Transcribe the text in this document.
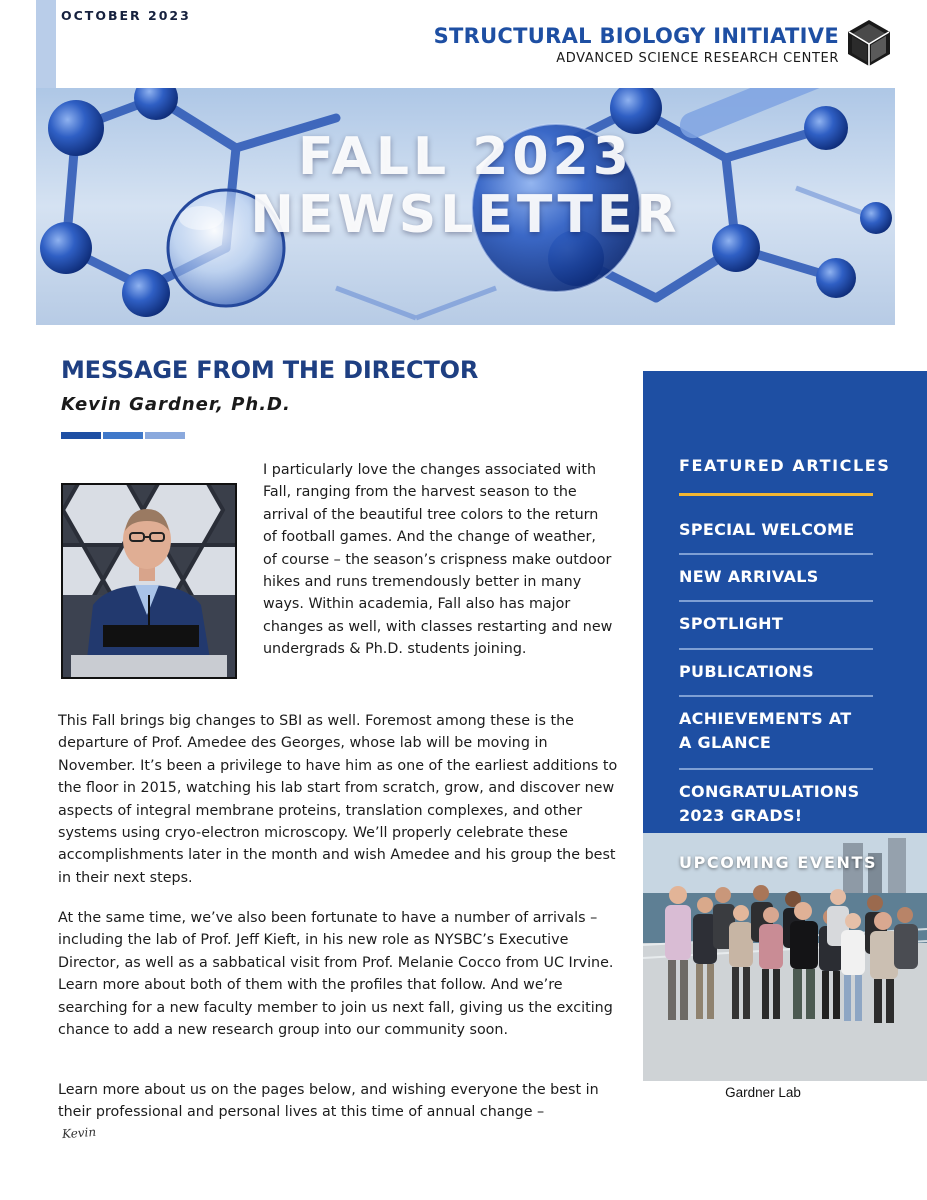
OCTOBER 2023
STRUCTURAL BIOLOGY INITIATIVE
ADVANCED SCIENCE RESEARCH CENTER
FALL 2023
NEWSLETTER
MESSAGE FROM THE DIRECTOR
Kevin Gardner, Ph.D.
I particularly love the changes associated with Fall, ranging from the harvest season to the arrival of the beautiful tree colors to the return of football games. And the change of weather, of course – the season’s crispness make outdoor hikes and runs tremendously better in many ways. Within academia, Fall also has major changes as well, with classes restarting and new undergrads & Ph.D. students joining.
This Fall brings big changes to SBI as well. Foremost among these is the departure of Prof. Amedee des Georges, whose lab will be moving in November. It’s been a privilege to have him as one of the earliest additions to the floor in 2015, watching his lab start from scratch, grow, and discover new aspects of integral membrane proteins, translation complexes, and other systems using cryo-electron microscopy. We’ll properly celebrate these accomplishments later in the month and wish Amedee and his group the best in their next steps.
At the same time, we’ve also been fortunate to have a number of arrivals – including the lab of Prof. Jeff Kieft, in his new role as NYSBC’s Executive Director, as well as a sabbatical visit from Prof. Melanie Cocco from UC Irvine. Learn more about both of them with the profiles that follow. And we’re searching for a new faculty member to join us next fall, giving us the exciting chance to add a new research group into our community soon.
Learn more about us on the pages below, and wishing everyone the best in their professional and personal lives at this time of annual change –
Kevin
FEATURED ARTICLES
SPECIAL WELCOME
NEW ARRIVALS
SPOTLIGHT
PUBLICATIONS
ACHIEVEMENTS AT A GLANCE
CONGRATULATIONS 2023 GRADS!
UPCOMING EVENTS
Gardner Lab
